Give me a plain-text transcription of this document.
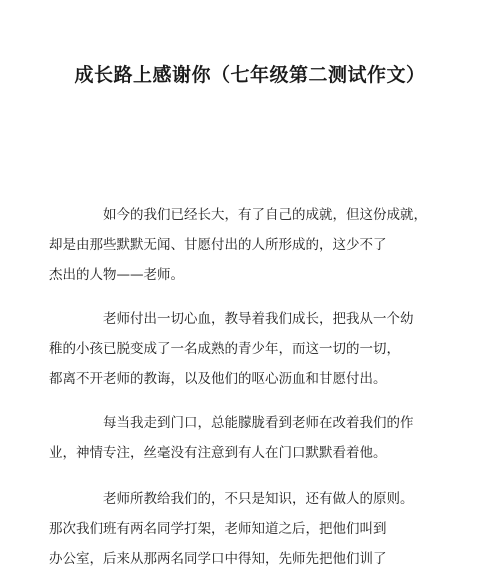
成长路上感谢你（七年级第二测试作文）

如今的我们已经长大，有了自己的成就，但这份成就，
却是由那些默默无闻、甘愿付出的人所形成的，这少不了
杰出的人物——老师。

老师付出一切心血，教导着我们成长，把我从一个幼
稚的小孩已脱变成了一名成熟的青少年，而这一切的一切，
都离不开老师的教诲，以及他们的呕心沥血和甘愿付出。

每当我走到门口，总能朦胧看到老师在改着我们的作
业，神情专注，丝毫没有注意到有人在门口默默看着他。

老师所教给我们的，不只是知识，还有做人的原则。
那次我们班有两名同学打架，老师知道之后，把他们叫到
办公室，后来从那两名同学口中得知，先师先把他们训了
